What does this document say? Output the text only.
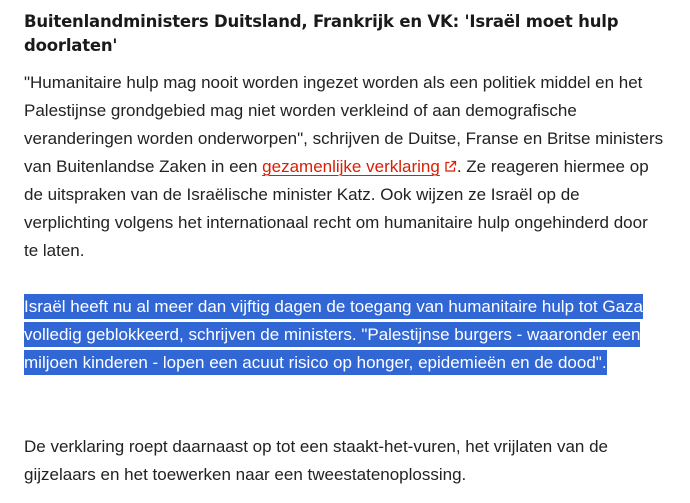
Buitenlandministers Duitsland, Frankrijk en VK: 'Israël moet hulp doorlaten'

"Humanitaire hulp mag nooit worden ingezet worden als een politiek middel en het Palestijnse grondgebied mag niet worden verkleind of aan demografische veranderingen worden onderworpen", schrijven de Duitse, Franse en Britse ministers van Buitenlandse Zaken in een gezamenlijke verklaring . Ze reageren hiermee op de uitspraken van de Israëlische minister Katz. Ook wijzen ze Israël op de verplichting volgens het internationaal recht om humanitaire hulp ongehinderd door te laten.

Israël heeft nu al meer dan vijftig dagen de toegang van humanitaire hulp tot Gaza volledig geblokkeerd, schrijven de ministers. "Palestijnse burgers - waaronder een miljoen kinderen - lopen een acuut risico op honger, epidemieën en de dood".

De verklaring roept daarnaast op tot een staakt-het-vuren, het vrijlaten van de gijzelaars en het toewerken naar een tweestatenoplossing.
